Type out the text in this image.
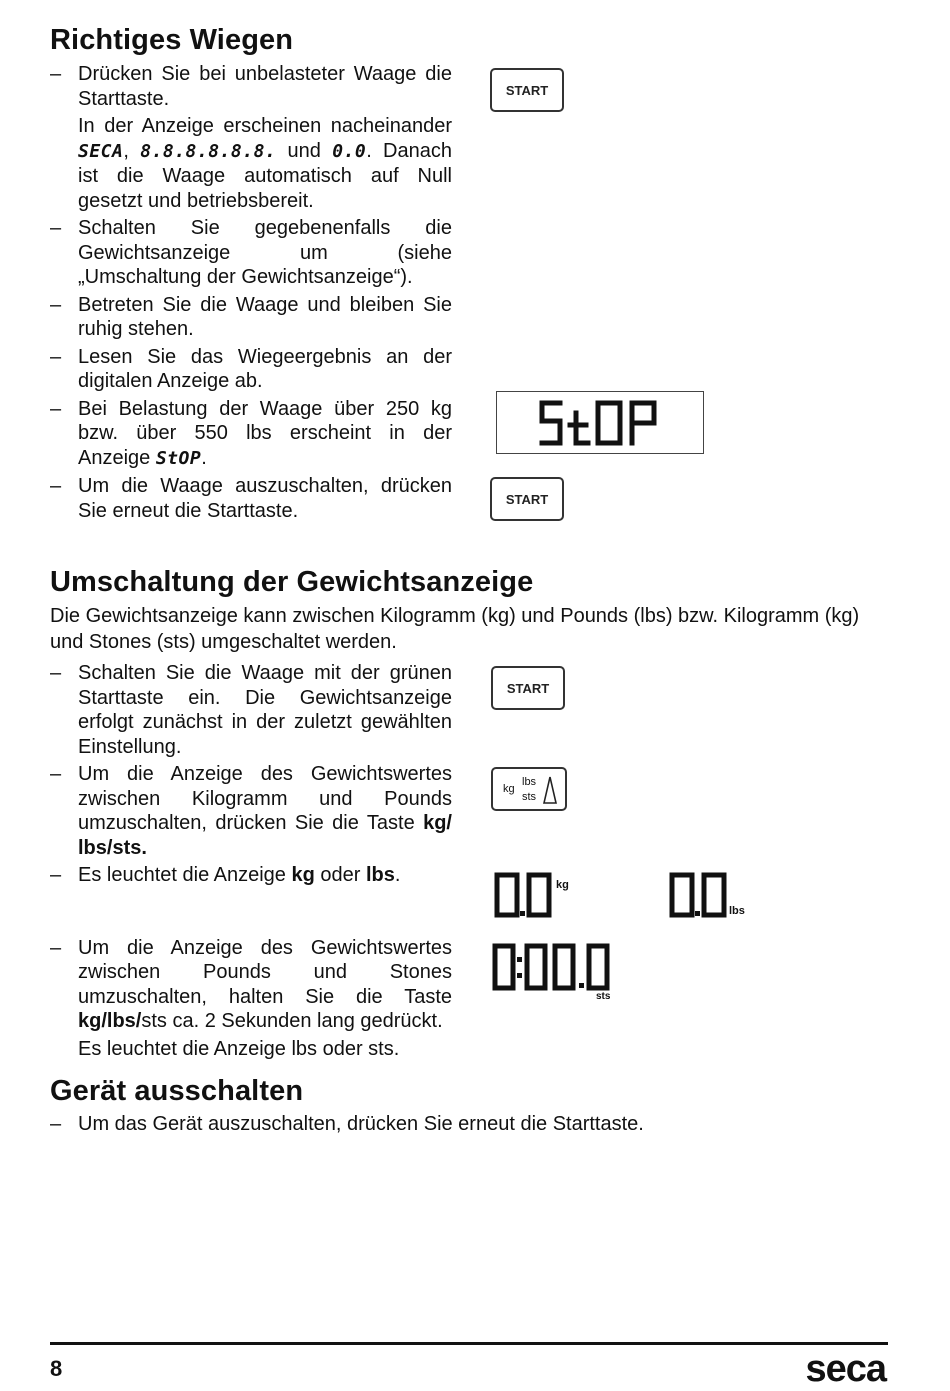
Richtiges Wiegen
– Drücken Sie bei unbelasteter Waage die Starttaste.

In der Anzeige erscheinen nacheinander SECA, 8.8.8.8.8.8. und 0.0. Danach ist die Waage automatisch auf Null gesetzt und betriebsbereit.

– Schalten Sie gegebenenfalls die Gewichtsanzeige um (siehe „Umschaltung der Gewichtsanzeige“).

– Betreten Sie die Waage und bleiben Sie ruhig stehen.

– Lesen Sie das Wiegeergebnis an der digitalen Anzeige ab.

– Bei Belastung der Waage über 250 kg bzw. über 550 lbs erscheint in der Anzeige StOP.

– Um die Waage auszuschalten, drücken Sie erneut die Starttaste.

START
START
Umschaltung der Gewichtsanzeige

Die Gewichtsanzeige kann zwischen Kilogramm (kg) und Pounds (lbs) bzw. Kilogramm (kg) und Stones (sts) umgeschaltet werden.

– Schalten Sie die Waage mit der grünen Starttaste ein. Die Gewichtsanzeige erfolgt zunächst in der zuletzt gewählten Einstellung.

– Um die Anzeige des Gewichtswertes zwischen Kilogramm und Pounds umzuschalten, drücken Sie die Taste kg/ lbs/sts.

– Es leuchtet die Anzeige kg oder lbs.

– Um die Anzeige des Gewichtswertes zwischen Pounds und Stones umzuschalten, halten Sie die Taste kg/lbs/sts ca. 2 Sekunden lang gedrückt.

Es leuchtet die Anzeige lbs oder sts.

START
kg
lbs
sts
kg
lbs
sts
Gerät ausschalten
– Um das Gerät auszuschalten, drücken Sie erneut die Starttaste.

8	seca
